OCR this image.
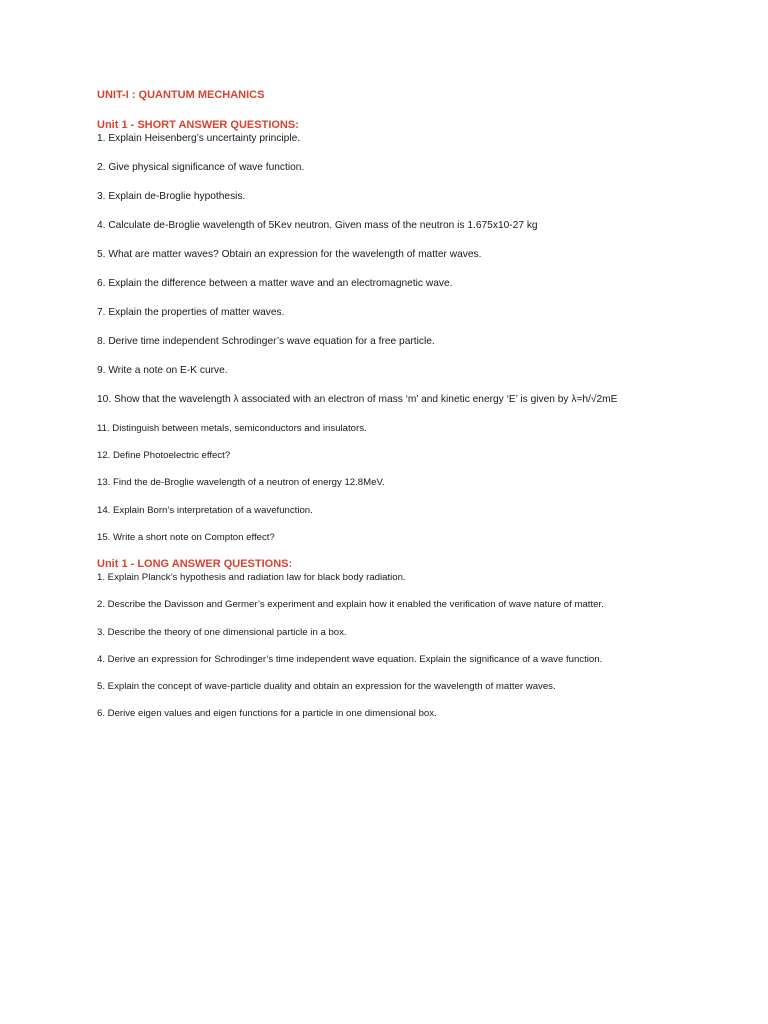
UNIT-I : QUANTUM MECHANICS
Unit 1 - SHORT ANSWER QUESTIONS:
1. Explain Heisenberg’s uncertainty principle.
2. Give physical significance of wave function.
3. Explain de-Broglie hypothesis.
4. Calculate de-Broglie wavelength of 5Kev neutron. Given mass of the neutron is 1.675x10-27 kg
5. What are matter waves? Obtain an expression for the wavelength of matter waves.
6. Explain the difference between a matter wave and an electromagnetic wave.
7. Explain the properties of matter waves.
8. Derive time independent Schrodinger’s wave equation for a free particle.
9. Write a note on E-K curve.
10. Show that the wavelength λ associated with an electron of mass ‘m’ and kinetic energy ‘E’ is given by λ=h/√2mE
11. Distinguish between metals, semiconductors and insulators.
12. Define Photoelectric effect?
13. Find the de-Broglie wavelength of a neutron of energy 12.8MeV.
14. Explain Born’s interpretation of a wavefunction.
15. Write a short note on Compton effect?
Unit 1 - LONG ANSWER QUESTIONS:
1. Explain Planck’s hypothesis and radiation law for black body radiation.
2. Describe the Davisson and Germer’s experiment and explain how it enabled the verification of wave nature of matter.
3. Describe the theory of one dimensional particle in a box.
4. Derive an expression for Schrodinger’s time independent wave equation. Explain the significance of a wave function.
5. Explain the concept of wave-particle duality and obtain an expression for the wavelength of matter waves.
6. Derive eigen values and eigen functions for a particle in one dimensional box.
